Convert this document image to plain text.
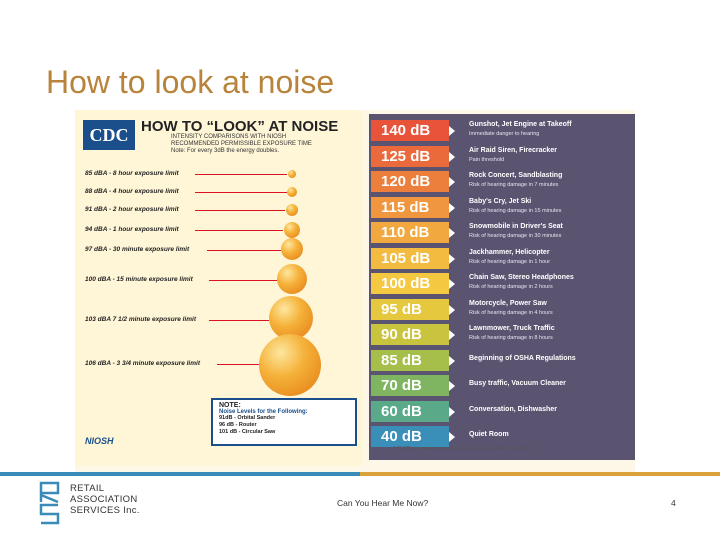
How to look at noise
CDC HOW TO “LOOK” AT NOISE
INTENSITY COMPARISONS WITH NIOSH
RECOMMENDED PERMISSIBLE EXPOSURE TIME
Note: For every 3dB the energy doubles.
85 dBA - 8 hour exposure limit
88 dBA - 4 hour exposure limit
91 dBA - 2 hour exposure limit
94 dBA - 1 hour exposure limit
97 dBA - 30 minute exposure limit
100 dBA - 15 minute exposure limit
103 dBA 7 1/2 minute exposure limit
106 dBA - 3 3/4 minute exposure limit
NOTE:
Noise Levels for the Following:
91dB - Orbital Sander
96 dB - Router
101 dB - Circular Saw
NIOSH
140 dB	Gunshot, Jet Engine at Takeoff
Immediate danger to hearing
125 dB	Air Raid Siren, Firecracker
Pain threshold
120 dB	Rock Concert, Sandblasting
Risk of hearing damage in 7 minutes
115 dB	Baby's Cry, Jet Ski
Risk of hearing damage in 15 minutes
110 dB	Snowmobile in Driver's Seat
Risk of hearing damage in 30 minutes
105 dB	Jackhammer, Helicopter
Risk of hearing damage in 1 hour
100 dB	Chain Saw, Stereo Headphones
Risk of hearing damage in 2 hours
95 dB	Motorcycle, Power Saw
Risk of hearing damage in 4 hours
90 dB	Lawnmower, Truck Traffic
Risk of hearing damage in 8 hours
85 dB	Beginning of OSHA Regulations
70 dB	Busy traffic, Vacuum Cleaner
60 dB	Conversation, Dishwasher
40 dB	Quiet Room
*dB SPL is a measurement of sound pressure level in decibels.
RETAIL
ASSOCIATION
SERVICES Inc.
Can You Hear Me Now?	4
